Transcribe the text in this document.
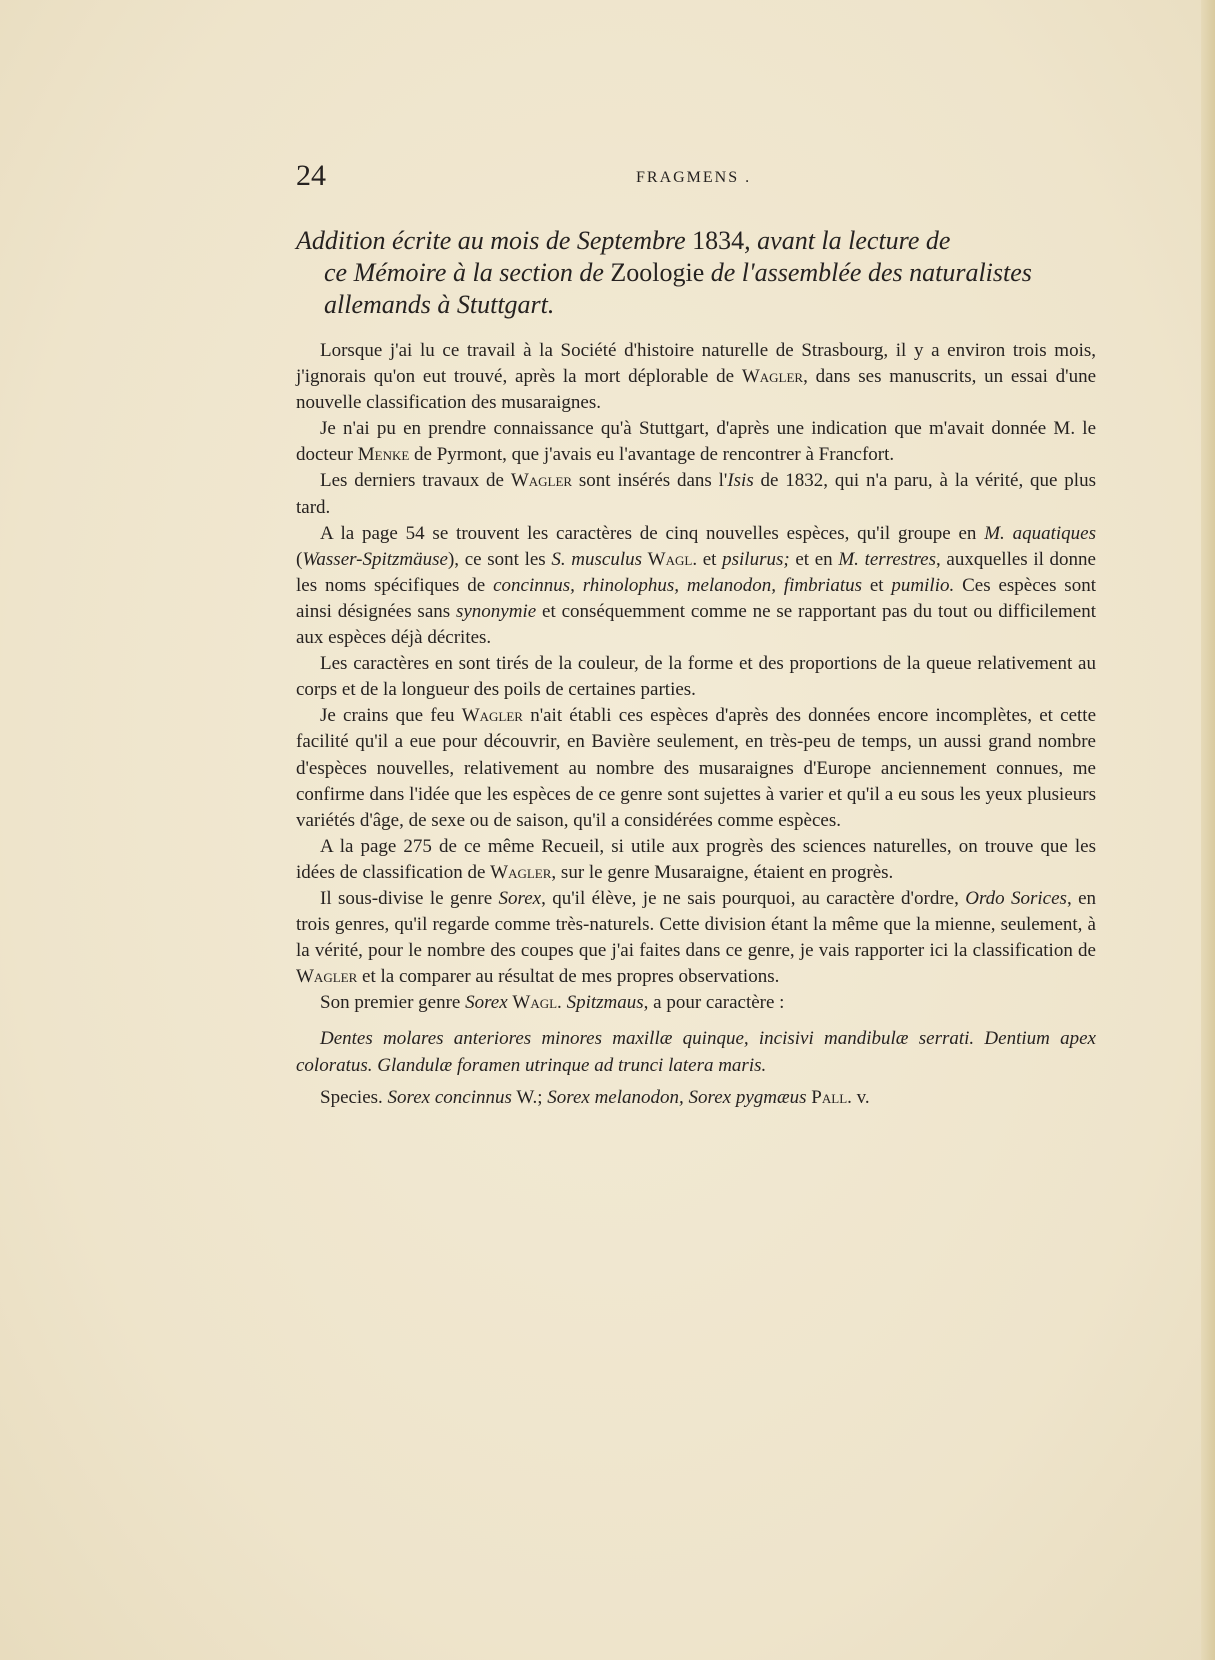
24	FRAGMENS .

Addition écrite au mois de Septembre 1834, avant la lecture de

ce Mémoire à la section de Zoologie de l'assemblée des naturalistes

allemands à Stuttgart.

Lorsque j'ai lu ce travail à la Société d'histoire naturelle de Strasbourg, il y a environ trois mois, j'ignorais qu'on eut trouvé, après la mort déplorable de Wagler, dans ses manuscrits, un essai d'une nouvelle classification des musaraignes.

Je n'ai pu en prendre connaissance qu'à Stuttgart, d'après une indication que m'avait donnée M. le docteur Menke de Pyrmont, que j'avais eu l'avantage de rencontrer à Francfort.

Les derniers travaux de Wagler sont insérés dans l'Isis de 1832, qui n'a paru, à la vérité, que plus tard.

A la page 54 se trouvent les caractères de cinq nouvelles espèces, qu'il groupe en M. aquatiques (Wasser-Spitzmäuse), ce sont les S. musculus Wagl. et psilurus; et en M. terrestres, auxquelles il donne les noms spécifiques de concinnus, rhinolophus, melanodon, fimbriatus et pumilio. Ces espèces sont ainsi désignées sans synonymie et conséquemment comme ne se rapportant pas du tout ou difficilement aux espèces déjà décrites.

Les caractères en sont tirés de la couleur, de la forme et des proportions de la queue relativement au corps et de la longueur des poils de certaines parties.

Je crains que feu Wagler n'ait établi ces espèces d'après des données encore incomplètes, et cette facilité qu'il a eue pour découvrir, en Bavière seulement, en très-peu de temps, un aussi grand nombre d'espèces nouvelles, relativement au nombre des musaraignes d'Europe anciennement connues, me confirme dans l'idée que les espèces de ce genre sont sujettes à varier et qu'il a eu sous les yeux plusieurs variétés d'âge, de sexe ou de saison, qu'il a considérées comme espèces.

A la page 275 de ce même Recueil, si utile aux progrès des sciences naturelles, on trouve que les idées de classification de Wagler, sur le genre Musaraigne, étaient en progrès.

Il sous-divise le genre Sorex, qu'il élève, je ne sais pourquoi, au caractère d'ordre, Ordo Sorices, en trois genres, qu'il regarde comme très-naturels. Cette division étant la même que la mienne, seulement, à la vérité, pour le nombre des coupes que j'ai faites dans ce genre, je vais rapporter ici la classification de Wagler et la comparer au résultat de mes propres observations.

Son premier genre Sorex Wagl. Spitzmaus, a pour caractère :

Dentes molares anteriores minores maxillæ quinque, incisivi mandibulæ serrati. Dentium apex coloratus. Glandulæ foramen utrinque ad trunci latera maris.

Species. Sorex concinnus W.; Sorex melanodon, Sorex pygmæus Pall. v.
